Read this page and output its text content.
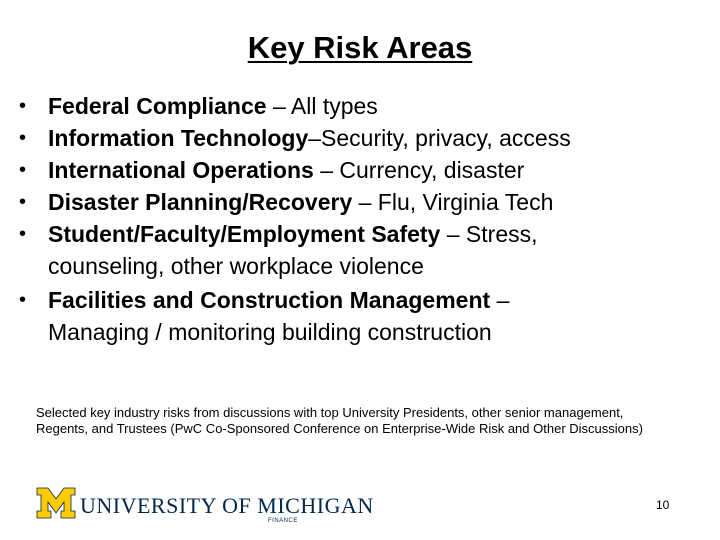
Key Risk Areas
• Federal Compliance – All types
• Information Technology–Security, privacy, access
• International Operations – Currency, disaster
• Disaster Planning/Recovery – Flu, Virginia Tech
• Student/Faculty/Employment Safety – Stress,
counseling, other workplace violence
• Facilities and Construction Management –
Managing / monitoring building construction

Selected key industry risks from discussions with top University Presidents, other senior management, Regents, and Trustees (PwC Co-Sponsored Conference on Enterprise-Wide Risk and Other Discussions)

UNIVERSITY OF MICHIGAN
FINANCE
10
